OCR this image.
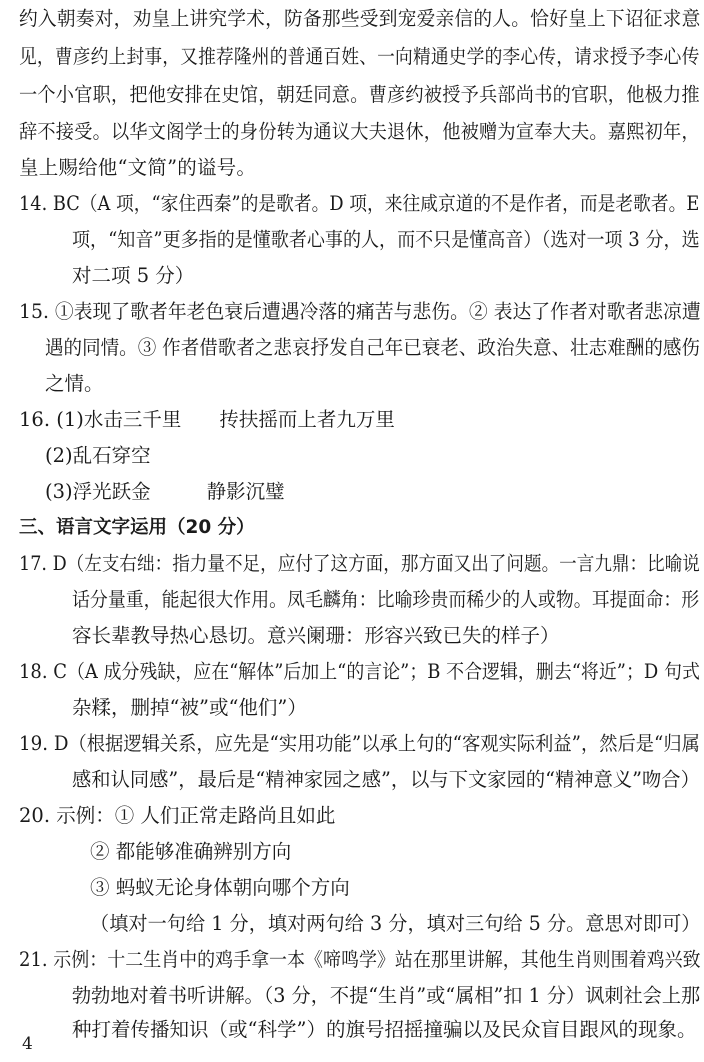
约入朝奏对，劝皇上讲究学术，防备那些受到宠爱亲信的人。恰好皇上下诏征求意
见，曹彦约上封事，又推荐隆州的普通百姓、一向精通史学的李心传，请求授予李心传
一个小官职，把他安排在史馆，朝廷同意。曹彦约被授予兵部尚书的官职，他极力推
辞不接受。以华文阁学士的身份转为通议大夫退休，他被赠为宣奉大夫。嘉熙初年，
皇上赐给他“文简”的谥号。
14. BC（A 项，“家住西秦”的是歌者。D 项，来往咸京道的不是作者，而是老歌者。E
项，“知音”更多指的是懂歌者心事的人，而不只是懂高音）（选对一项 3 分，选
对二项 5 分）
15. ①表现了歌者年老色衰后遭遇冷落的痛苦与悲伤。② 表达了作者对歌者悲凉遭
遇的同情。③ 作者借歌者之悲哀抒发自己年已衰老、政治失意、壮志难酬的感伤
之情。
16. (1)水击三千里 抟扶摇而上者九万里
(2)乱石穿空
(3)浮光跃金	静影沉璧
三、语言文字运用（20 分）
17. D（左支右绌：指力量不足，应付了这方面，那方面又出了问题。一言九鼎：比喻说
话分量重，能起很大作用。凤毛麟角：比喻珍贵而稀少的人或物。耳提面命：形
容长辈教导热心恳切。意兴阑珊：形容兴致已失的样子）
18. C（A 成分残缺，应在“解体”后加上“的言论”；B 不合逻辑，删去“将近”；D 句式
杂糅，删掉“被”或“他们”）
19. D（根据逻辑关系，应先是“实用功能”以承上句的“客观实际利益”，然后是“归属
感和认同感”，最后是“精神家园之感”，以与下文家园的“精神意义”吻合）
20. 示例：① 人们正常走路尚且如此
② 都能够准确辨别方向
③ 蚂蚁无论身体朝向哪个方向
（填对一句给 1 分，填对两句给 3 分，填对三句给 5 分。意思对即可）
21. 示例：十二生肖中的鸡手拿一本《啼鸣学》站在那里讲解，其他生肖则围着鸡兴致
勃勃地对着书听讲解。（3 分，不提“生肖”或“属相”扣 1 分）讽刺社会上那
种打着传播知识（或“科学”）的旗号招摇撞骗以及民众盲目跟风的现象。
4
